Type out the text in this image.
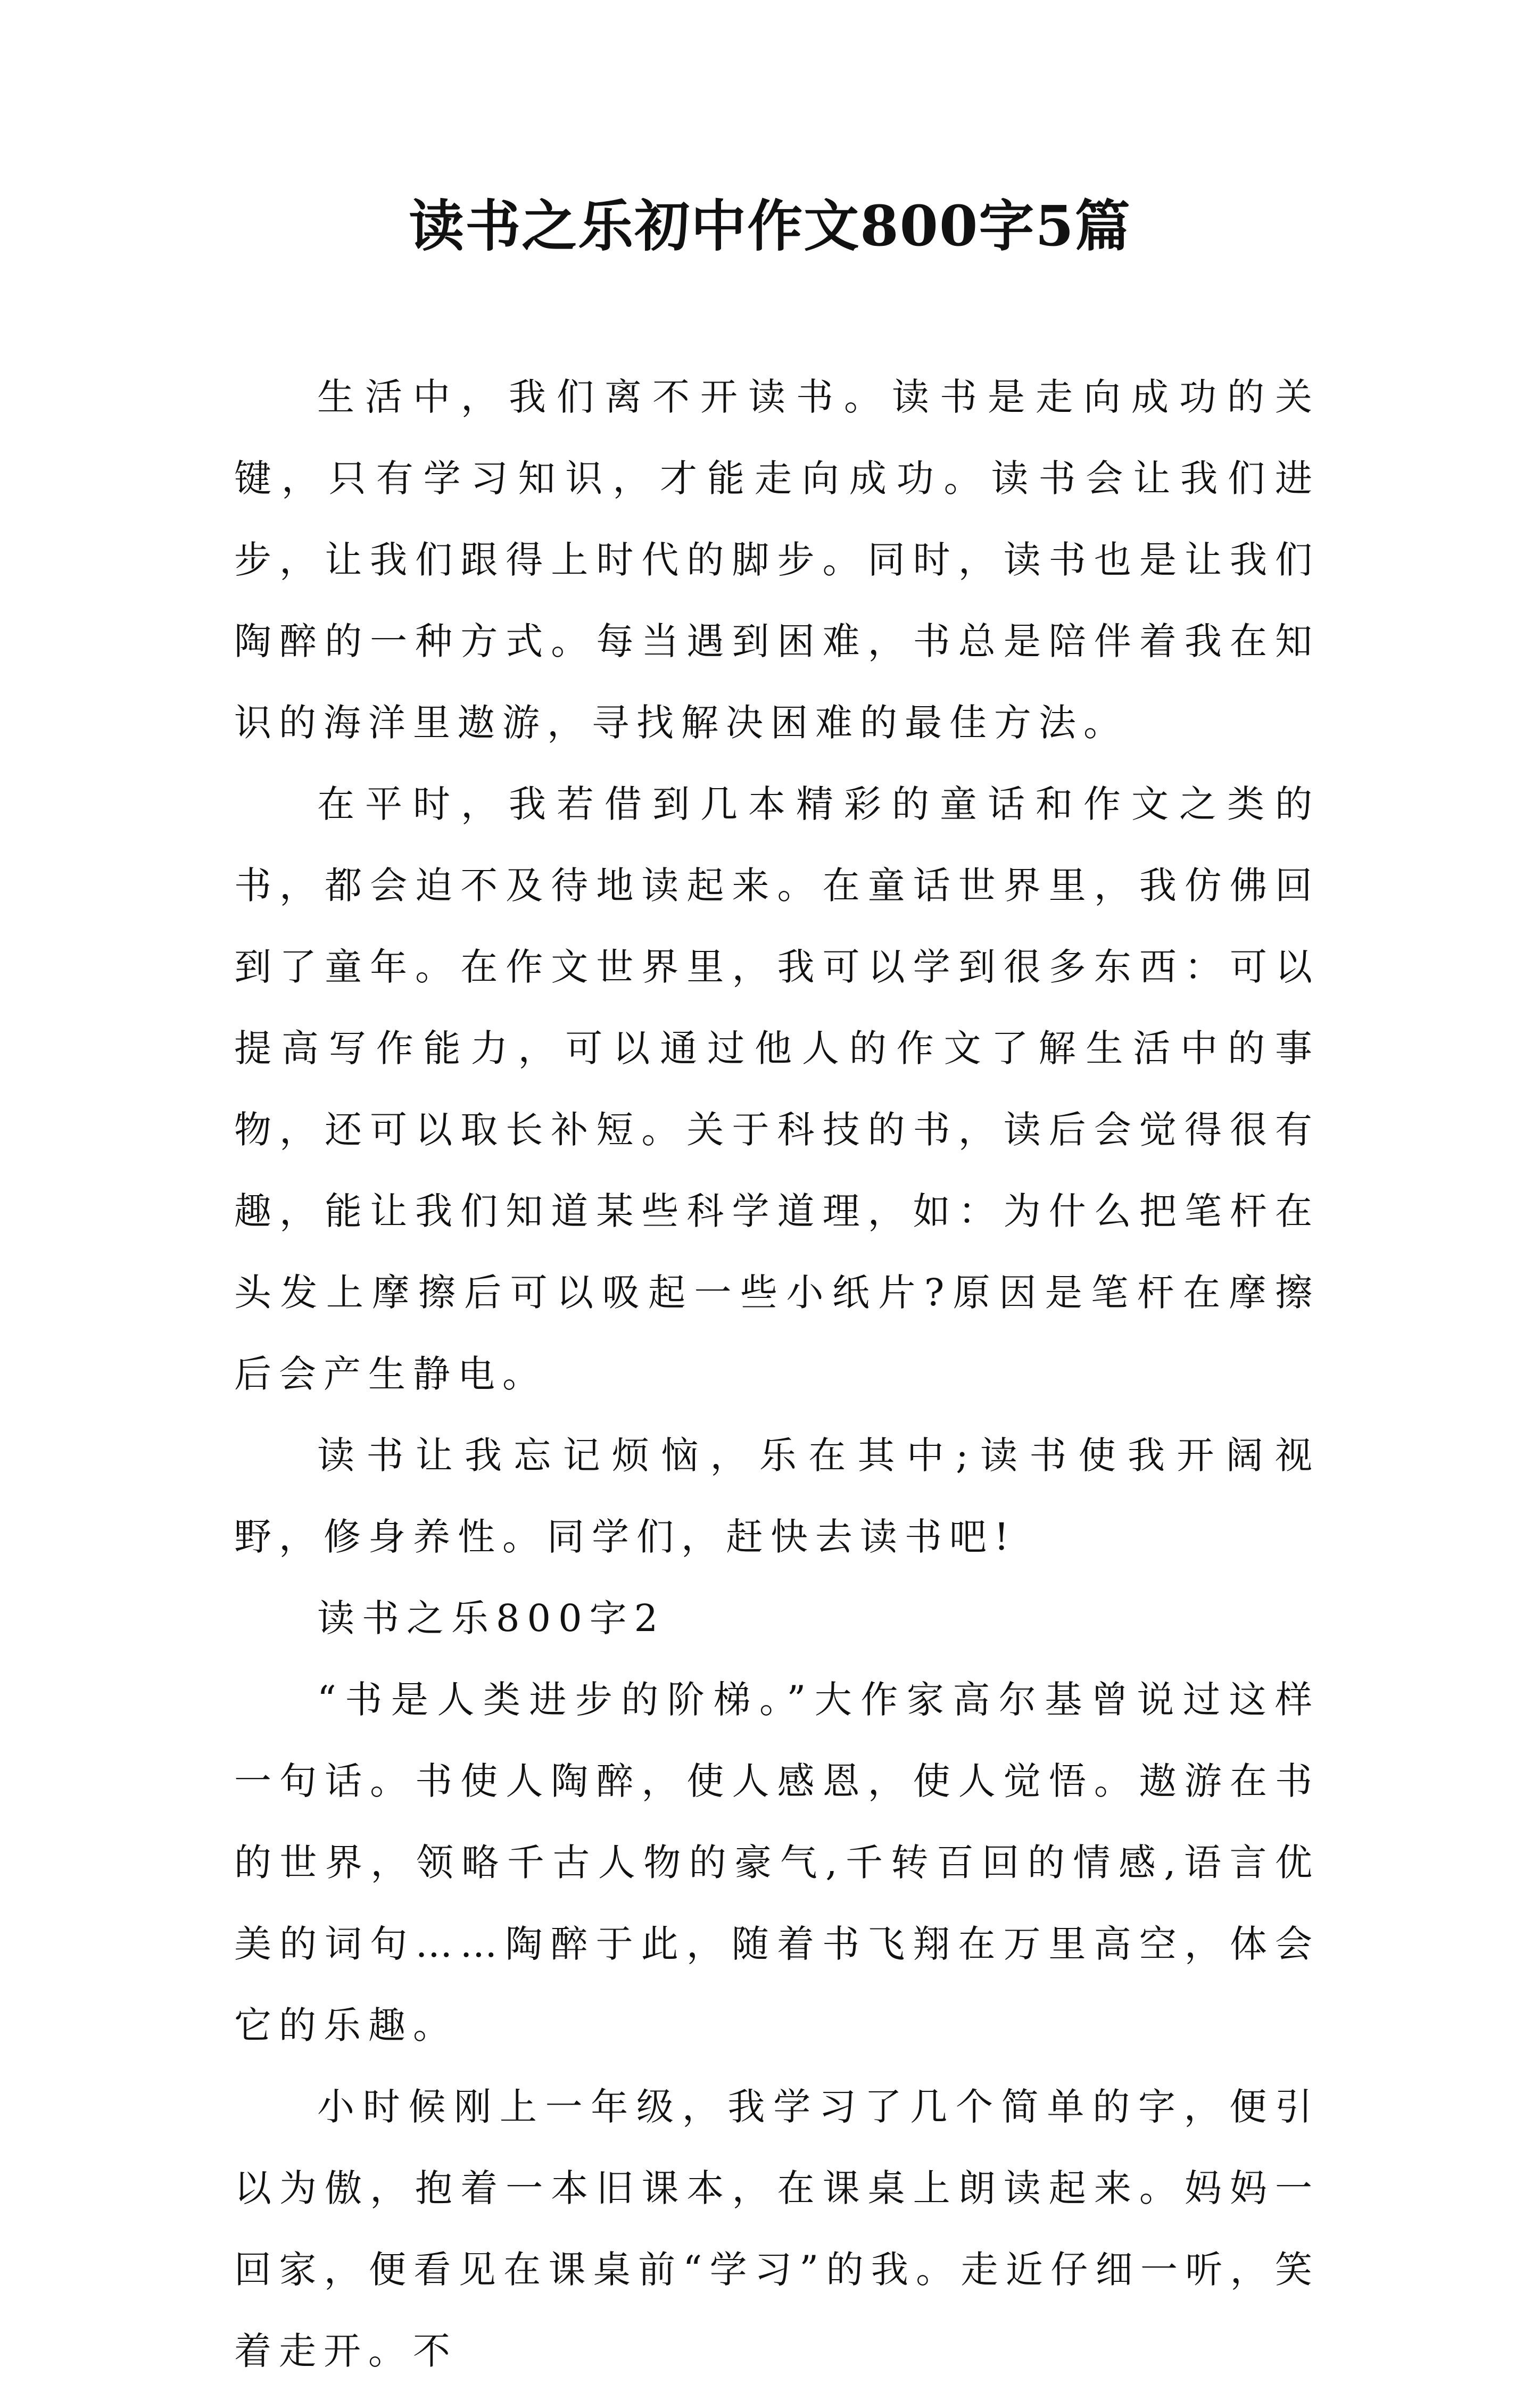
读书之乐初中作文800字5篇

生活中，我们离不开读书。读书是走向成功的关键，只有学习知识，才能走向成功。读书会让我们进步，让我们跟得上时代的脚步。同时，读书也是让我们陶醉的一种方式。每当遇到困难，书总是陪伴着我在知识的海洋里遨游，寻找解决困难的最佳方法。

在平时，我若借到几本精彩的童话和作文之类的书，都会迫不及待地读起来。在童话世界里，我仿佛回到了童年。在作文世界里，我可以学到很多东西：可以提高写作能力，可以通过他人的作文了解生活中的事物，还可以取长补短。关于科技的书，读后会觉得很有趣，能让我们知道某些科学道理，如：为什么把笔杆在头发上摩擦后可以吸起一些小纸片?原因是笔杆在摩擦后会产生静电。

读书让我忘记烦恼，乐在其中;读书使我开阔视野，修身养性。同学们，赶快去读书吧!

读书之乐800字2

“书是人类进步的阶梯。”大作家高尔基曾说过这样一句话。书使人陶醉，使人感恩，使人觉悟。遨游在书的世界，领略千古人物的豪气,千转百回的情感,语言优美的词句……陶醉于此，随着书飞翔在万里高空，体会它的乐趣。

小时候刚上一年级，我学习了几个简单的字，便引以为傲，抱着一本旧课本，在课桌上朗读起来。妈妈一回家，便看见在课桌前“学习”的我。走近仔细一听，笑着走开。不
